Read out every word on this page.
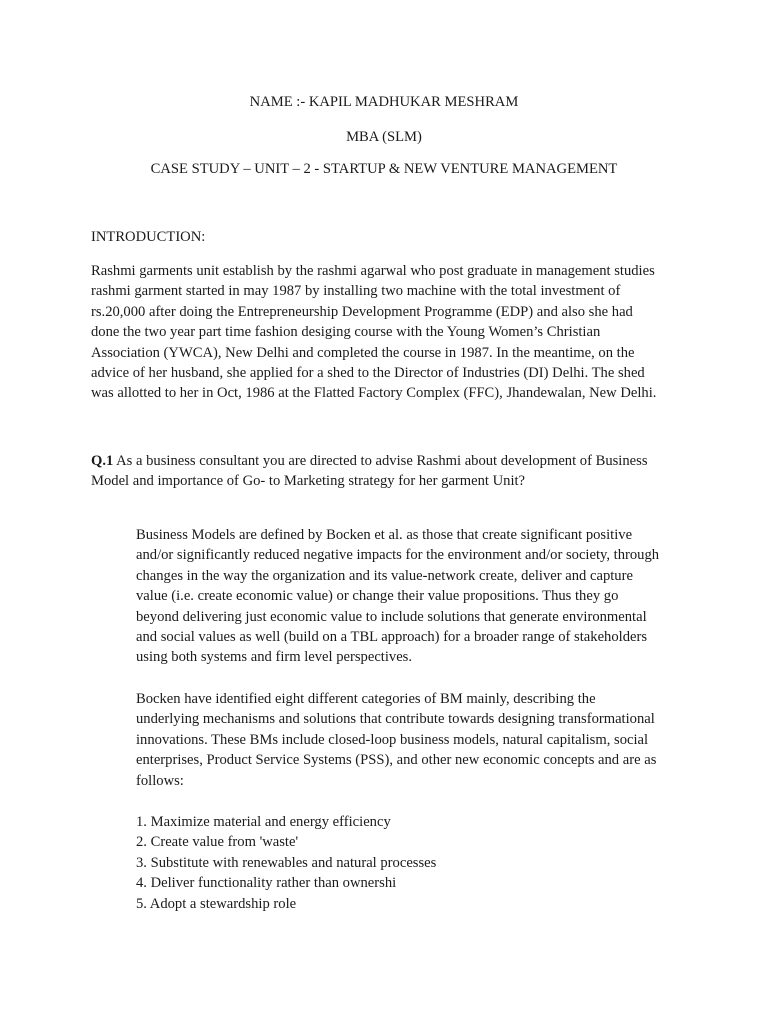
NAME :- KAPIL MADHUKAR MESHRAM
MBA (SLM)
CASE STUDY – UNIT – 2 - STARTUP & NEW VENTURE MANAGEMENT
INTRODUCTION:
Rashmi garments unit establish by the rashmi agarwal who post graduate in management studies
rashmi garment started in may 1987 by installing two machine with the total investment of
rs.20,000 after doing the Entrepreneurship Development Programme (EDP) and also she had
done the two year part time fashion desiging course with the Young Women’s Christian
Association (YWCA), New Delhi and completed the course in 1987. In the meantime, on the
advice of her husband, she applied for a shed to the Director of Industries (DI) Delhi. The shed
was allotted to her in Oct, 1986 at the Flatted Factory Complex (FFC), Jhandewalan, New Delhi.
Q.1 As a business consultant you are directed to advise Rashmi about development of Business
Model and importance of Go- to Marketing strategy for her garment Unit?
Business Models are defined by Bocken et al. as those that create significant positive
and/or significantly reduced negative impacts for the environment and/or society, through
changes in the way the organization and its value-network create, deliver and capture
value (i.e. create economic value) or change their value propositions. Thus they go
beyond delivering just economic value to include solutions that generate environmental
and social values as well (build on a TBL approach) for a broader range of stakeholders
using both systems and firm level perspectives.
Bocken have identified eight different categories of BM mainly, describing the
underlying mechanisms and solutions that contribute towards designing transformational
innovations. These BMs include closed-loop business models, natural capitalism, social
enterprises, Product Service Systems (PSS), and other new economic concepts and are as
follows:
1. Maximize material and energy efficiency
2. Create value from 'waste'
3. Substitute with renewables and natural processes
4. Deliver functionality rather than ownershi
5. Adopt a stewardship role
